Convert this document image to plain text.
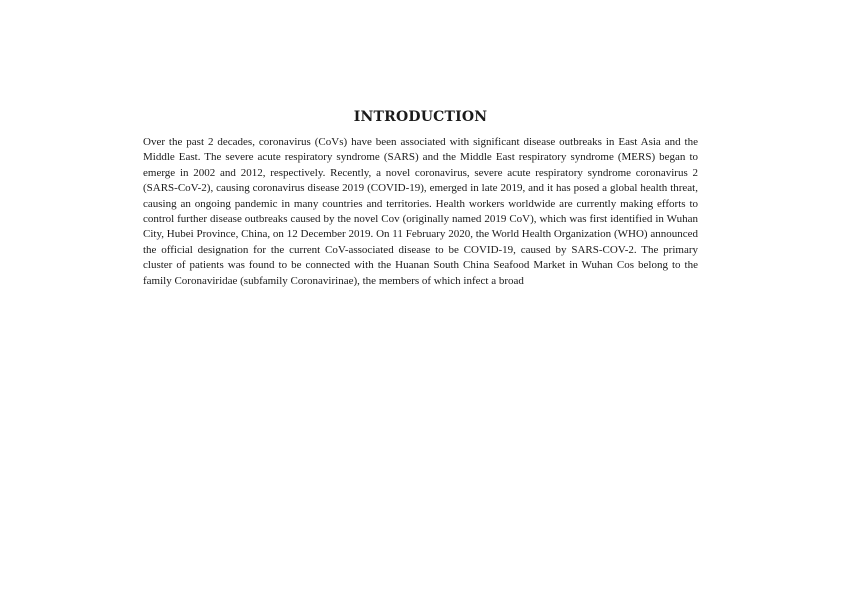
INTRODUCTION

Over the past 2 decades, coronavirus (CoVs) have been associated with significant disease outbreaks in East Asia and the Middle East. The severe acute respiratory syndrome (SARS) and the Middle East respiratory syndrome (MERS) began to emerge in 2002 and 2012, respectively. Recently, a novel coronavirus, severe acute respiratory syndrome coronavirus 2 (SARS-CoV-2), causing coronavirus disease 2019 (COVID-19), emerged in late 2019, and it has posed a global health threat, causing an ongoing pandemic in many countries and territories. Health workers worldwide are currently making efforts to control further disease outbreaks caused by the novel Cov (originally named 2019 CoV), which was first identified in Wuhan City, Hubei Province, China, on 12 December 2019. On 11 February 2020, the World Health Organization (WHO) announced the official designation for the current CoV-associated disease to be COVID-19, caused by SARS-COV-2. The primary cluster of patients was found to be connected with the Huanan South China Seafood Market in Wuhan Cos belong to the family Coronaviridae (subfamily Coronavirinae), the members of which infect a broad
